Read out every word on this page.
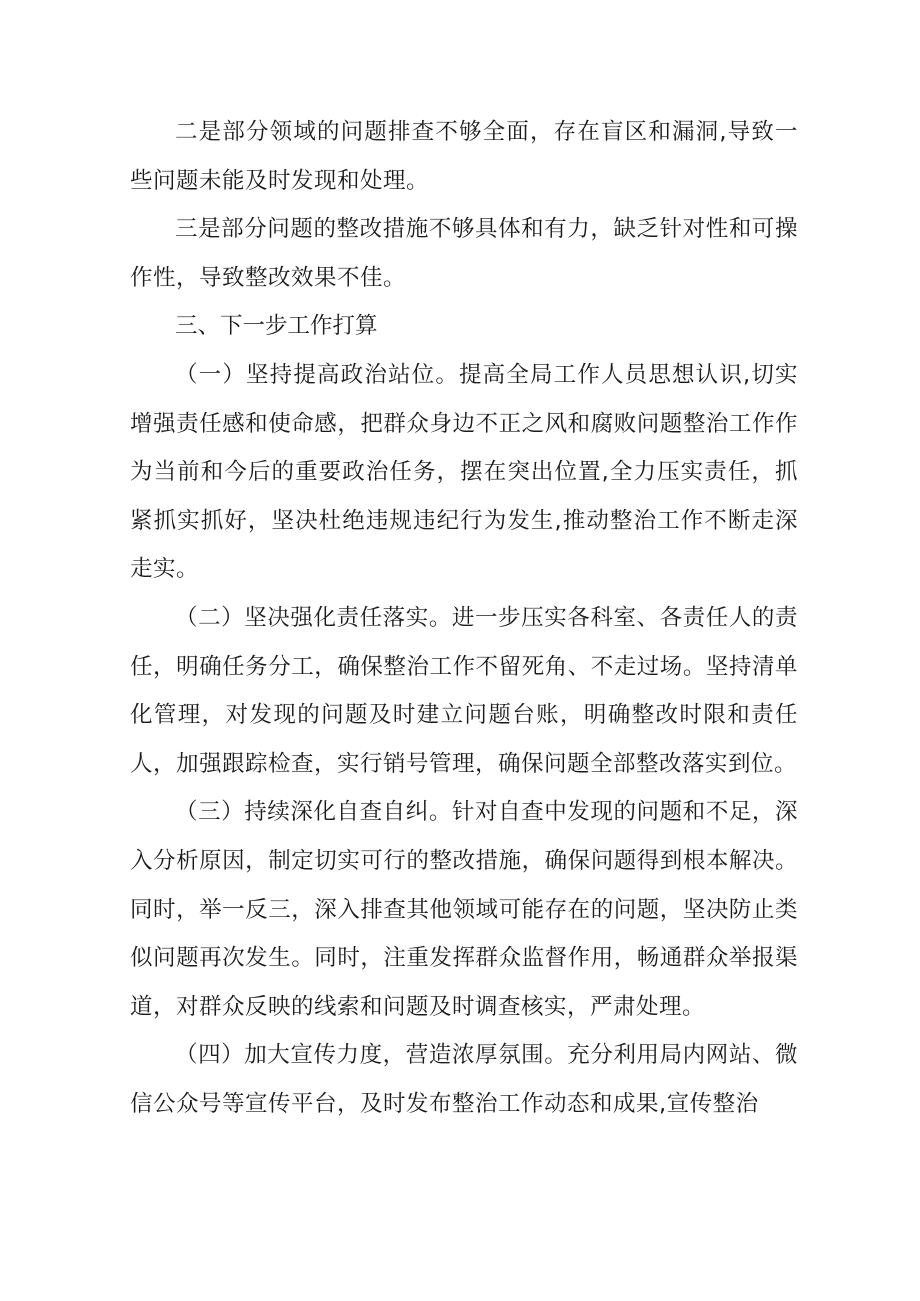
二是部分领域的问题排查不够全面，存在盲区和漏洞,导致一些问题未能及时发现和处理。

三是部分问题的整改措施不够具体和有力，缺乏针对性和可操作性，导致整改效果不佳。

三、下一步工作打算

（一）坚持提高政治站位。提高全局工作人员思想认识,切实增强责任感和使命感，把群众身边不正之风和腐败问题整治工作作为当前和今后的重要政治任务，摆在突出位置,全力压实责任，抓紧抓实抓好，坚决杜绝违规违纪行为发生,推动整治工作不断走深走实。

（二）坚决强化责任落实。进一步压实各科室、各责任人的责任，明确任务分工，确保整治工作不留死角、不走过场。坚持清单化管理，对发现的问题及时建立问题台账，明确整改时限和责任人，加强跟踪检查，实行销号管理，确保问题全部整改落实到位。

（三）持续深化自查自纠。针对自查中发现的问题和不足，深入分析原因，制定切实可行的整改措施，确保问题得到根本解决。同时，举一反三，深入排查其他领域可能存在的问题，坚决防止类似问题再次发生。同时，注重发挥群众监督作用，畅通群众举报渠道，对群众反映的线索和问题及时调查核实，严肃处理。

（四）加大宣传力度，营造浓厚氛围。充分利用局内网站、微信公众号等宣传平台，及时发布整治工作动态和成果,宣传整治
